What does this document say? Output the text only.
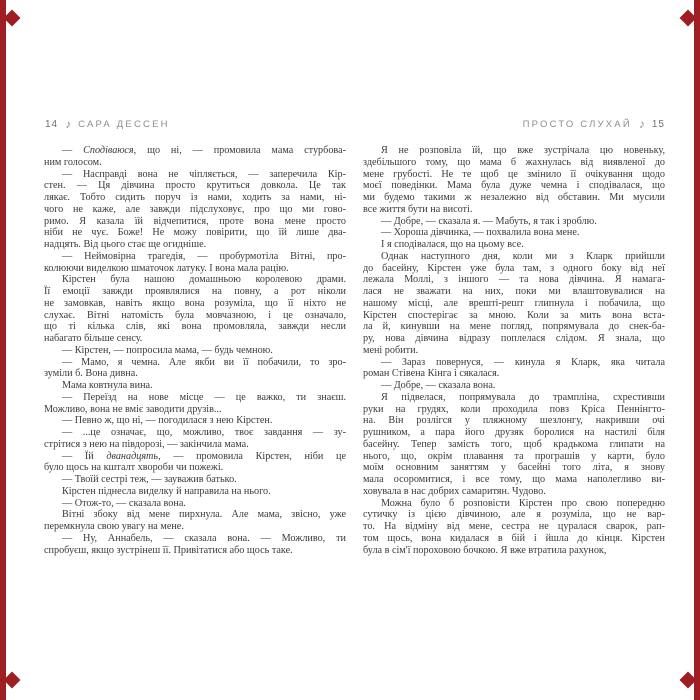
14 ♪ САРА ДЕССЕН	ПРОСТО СЛУХАЙ ♪ 15
— Сподіваюся, що ні, — промовила мама стурбова-
ним голосом.
— Насправді вона не чіпляється, — заперечила Кір-
стен. — Ця дівчина просто крутиться довкола. Це так
лякає. Тобто сидить поруч із нами, ходить за нами, ні-
чого не каже, але завжди підслуховує, про що ми гово-
римо. Я казала їй відчепитися, проте вона мене просто
ніби не чує. Боже! Не можу повірити, що їй лише два-
надцять. Від цього стає ще огидніше.
— Неймовірна трагедія, — пробурмотіла Вітні, про-
колюючи виделкою шматочок латуку. І вона мала рацію.
Кірстен була нашою домашньою королевою драми.
Її емоції завжди проявлялися на повну, а рот ніколи
не замовкав, навіть якщо вона розуміла, що її ніхто не
слухає. Вітні натомість була мовчазною, і це означало,
що ті кілька слів, які вона промовляла, завжди несли
набагато більше сенсу.
— Кірстен, — попросила мама, — будь чемною.
— Мамо, я чемна. Але якби ви її побачили, то зро-
зуміли б. Вона дивна.
Мама ковтнула вина.
— Переїзд на нове місце — це важко, ти знаєш.
Можливо, вона не вміє заводити друзів...
— Певно ж, що ні, — погодилася з нею Кірстен.
— ...це означає, що, можливо, твоє завдання — зу-
стрітися з нею на півдорозі, — закінчила мама.
— Їй дванадцять, — промовила Кірстен, ніби це
було щось на кшталт хвороби чи пожежі.
— Твоїй сестрі теж, — зауважив батько.
Кірстен піднесла виделку й направила на нього.
— Отож-то, — сказала вона.
Вітні збоку від мене пирхнула. Але мама, звісно, уже
перемкнула свою увагу на мене.
— Ну, Аннабель, — сказала вона. — Можливо, ти
спробуєш, якщо зустрінеш її. Привітатися або щось таке.
Я не розповіла їй, що вже зустрічала цю новеньку,
здебільшого тому, що мама б жахнулась від виявленої до
мене грубості. Не те щоб це змінило її очікування щодо
моєї поведінки. Мама була дуже чемна і сподівалася, що
ми будемо такими ж незалежно від обставин. Ми мусили
все життя бути на висоті.
— Добре, — сказала я. — Мабуть, я так і зроблю.
— Хороша дівчинка, — похвалила вона мене.
І я сподівалася, що на цьому все.
Однак наступного дня, коли ми з Кларк прийшли
до басейну, Кірстен уже була там, з одного боку від неї
лежала Моллі, з іншого — та нова дівчина. Я намага-
лася не зважати на них, поки ми влаштовувалися на
нашому місці, але врешті-решт глипнула і побачила, що
Кірстен спостерігає за мною. Коли за мить вона вста-
ла й, кинувши на мене погляд, попрямувала до снек-ба-
ру, нова дівчина відразу поплелася слідом. Я знала, що
мені робити.
— Зараз повернуся, — кинула я Кларк, яка читала
роман Стівена Кінга і сякалася.
— Добре, — сказала вона.
Я підвелася, попрямувала до трампліна, схрестивши
руки на грудях, коли проходила повз Кріса Пеннінгто-
на. Він розлігся у пляжному шезлонгу, накривши очі
рушником, а пара його друзяк боролися на настилі біля
басейну. Тепер замість того, щоб крадькома глипати на
нього, що, окрім плавання та програшів у карти, було
моїм основним заняттям у басейні того літа, я знову
мала осоромитися, і все тому, що мама наполегливо ви-
ховувала в нас добрих самаритян. Чудово.
Можна було б розповісти Кірстен про свою попередню
сутичку із цією дівчиною, але я розуміла, що не вар-
то. На відміну від мене, сестра не цуралася сварок, рап-
том щось, вона кидалася в бій і йшла до кінця. Кірстен
була в сім'ї пороховою бочкою. Я вже втратила рахунок,
